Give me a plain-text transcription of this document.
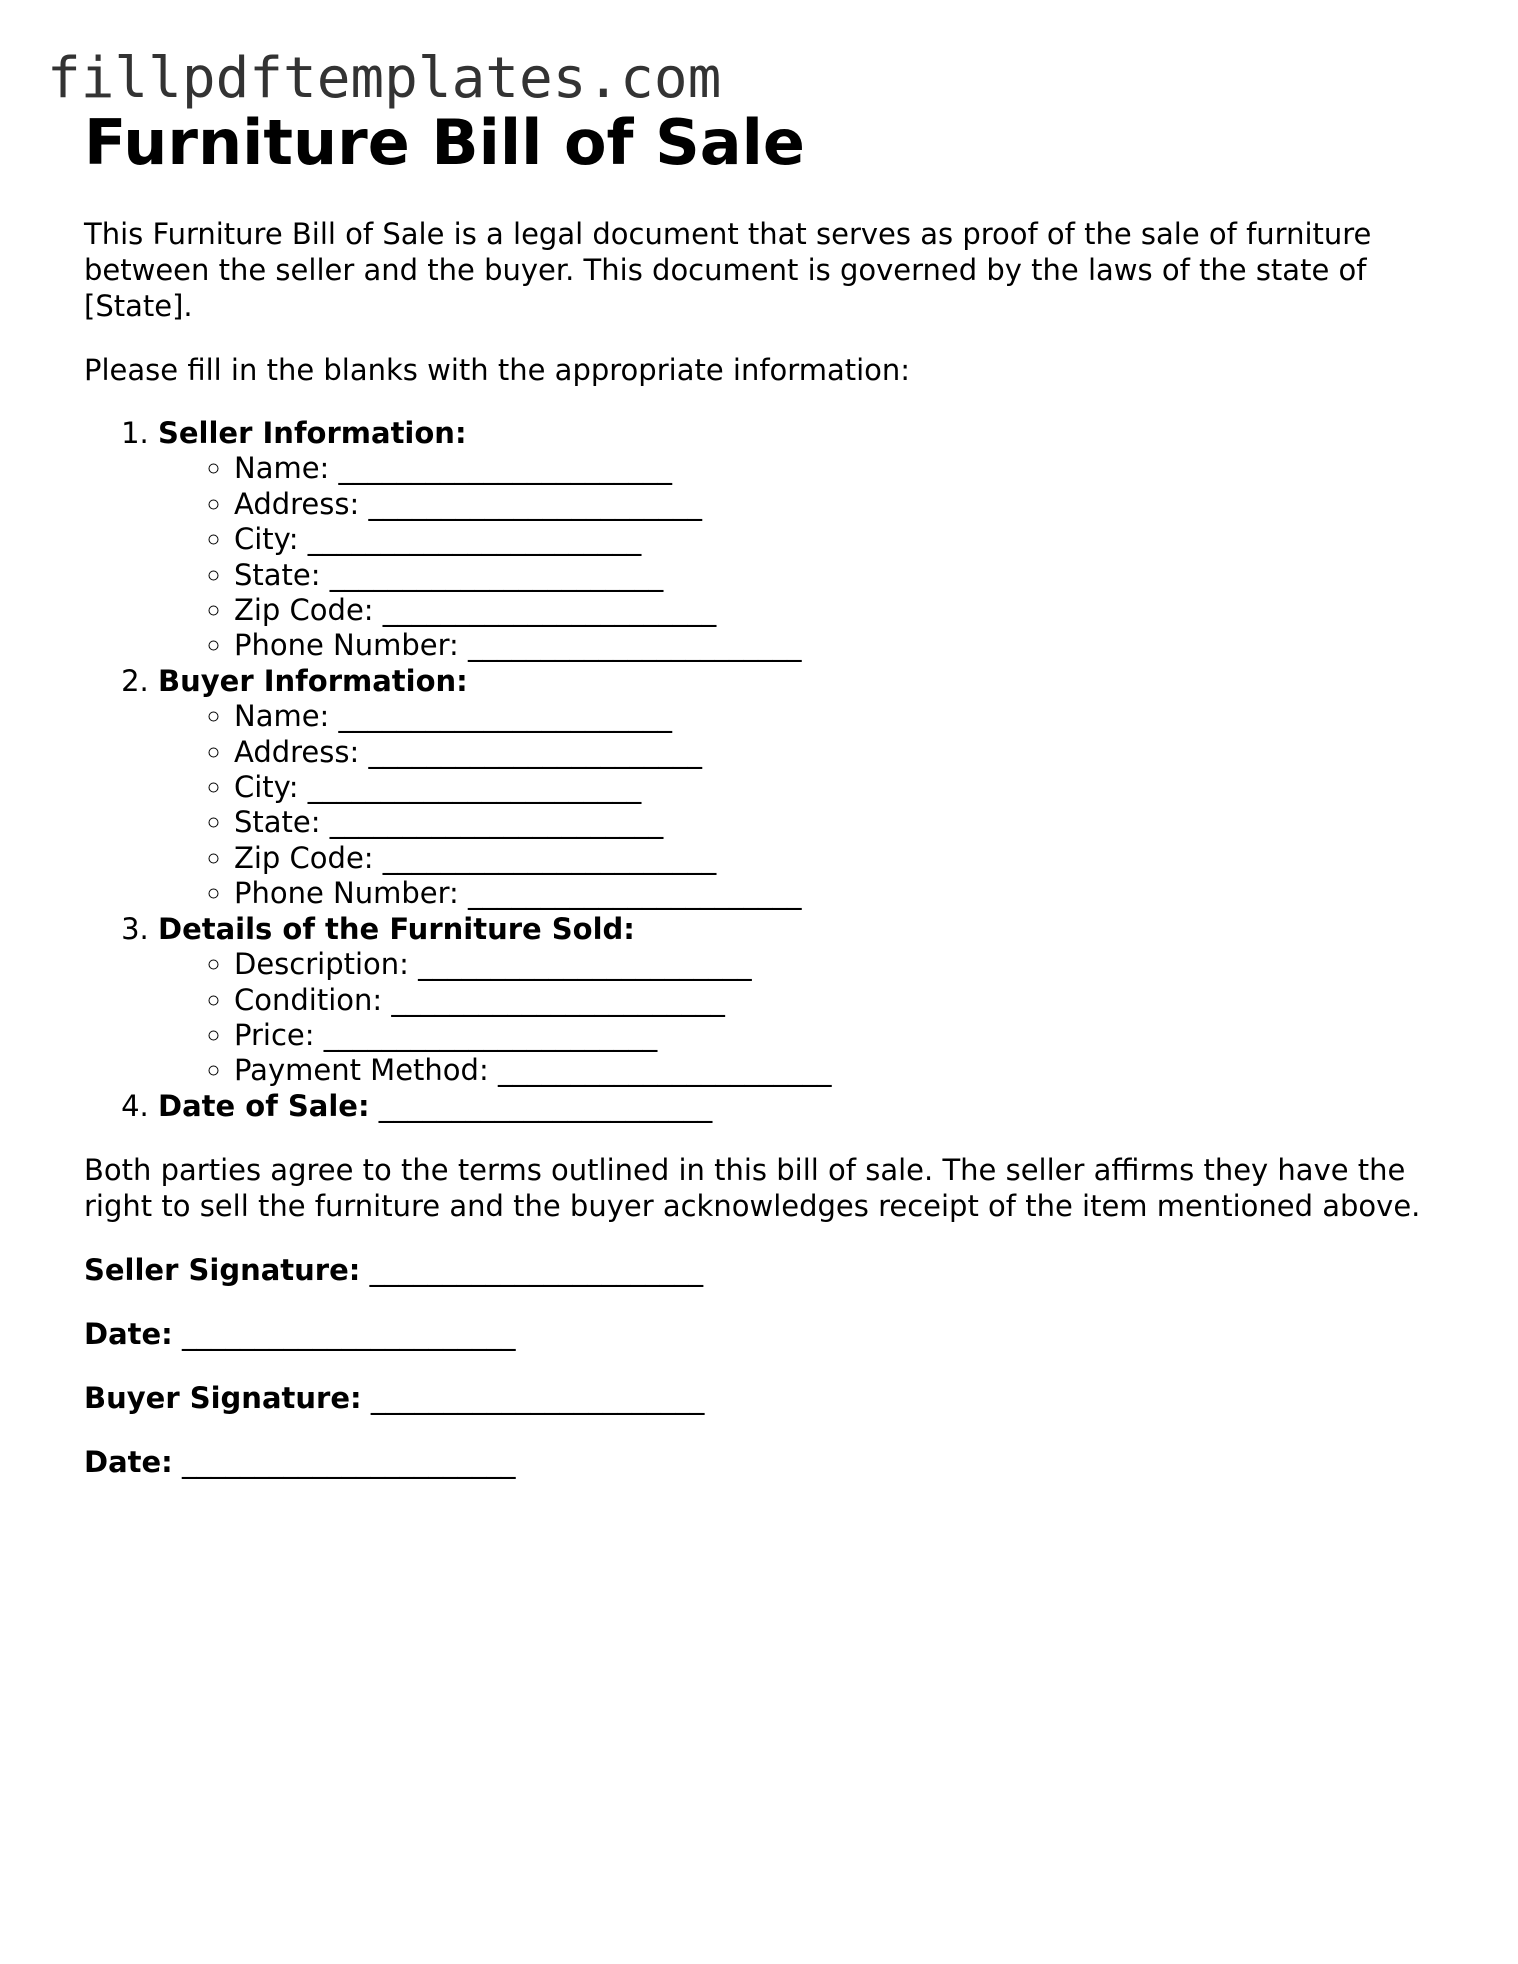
fillpdftemplates.com
Furniture Bill of Sale

This Furniture Bill of Sale is a legal document that serves as proof of the sale of furniture between the seller and the buyer. This document is governed by the laws of the state of [State].

Please fill in the blanks with the appropriate information:

1. Seller Information:
◦ Name: _______________________
◦ Address: _______________________
◦ City: _______________________
◦ State: _______________________
◦ Zip Code: _______________________
◦ Phone Number: _______________________
2. Buyer Information:
◦ Name: _______________________
◦ Address: _______________________
◦ City: _______________________
◦ State: _______________________
◦ Zip Code: _______________________
◦ Phone Number: _______________________
3. Details of the Furniture Sold:
◦ Description: _______________________
◦ Condition: _______________________
◦ Price: _______________________
◦ Payment Method: _______________________
4. Date of Sale: _______________________

Both parties agree to the terms outlined in this bill of sale. The seller affirms they have the right to sell the furniture and the buyer acknowledges receipt of the item mentioned above.

Seller Signature: _______________________

Date: _______________________

Buyer Signature: _______________________

Date: _______________________
